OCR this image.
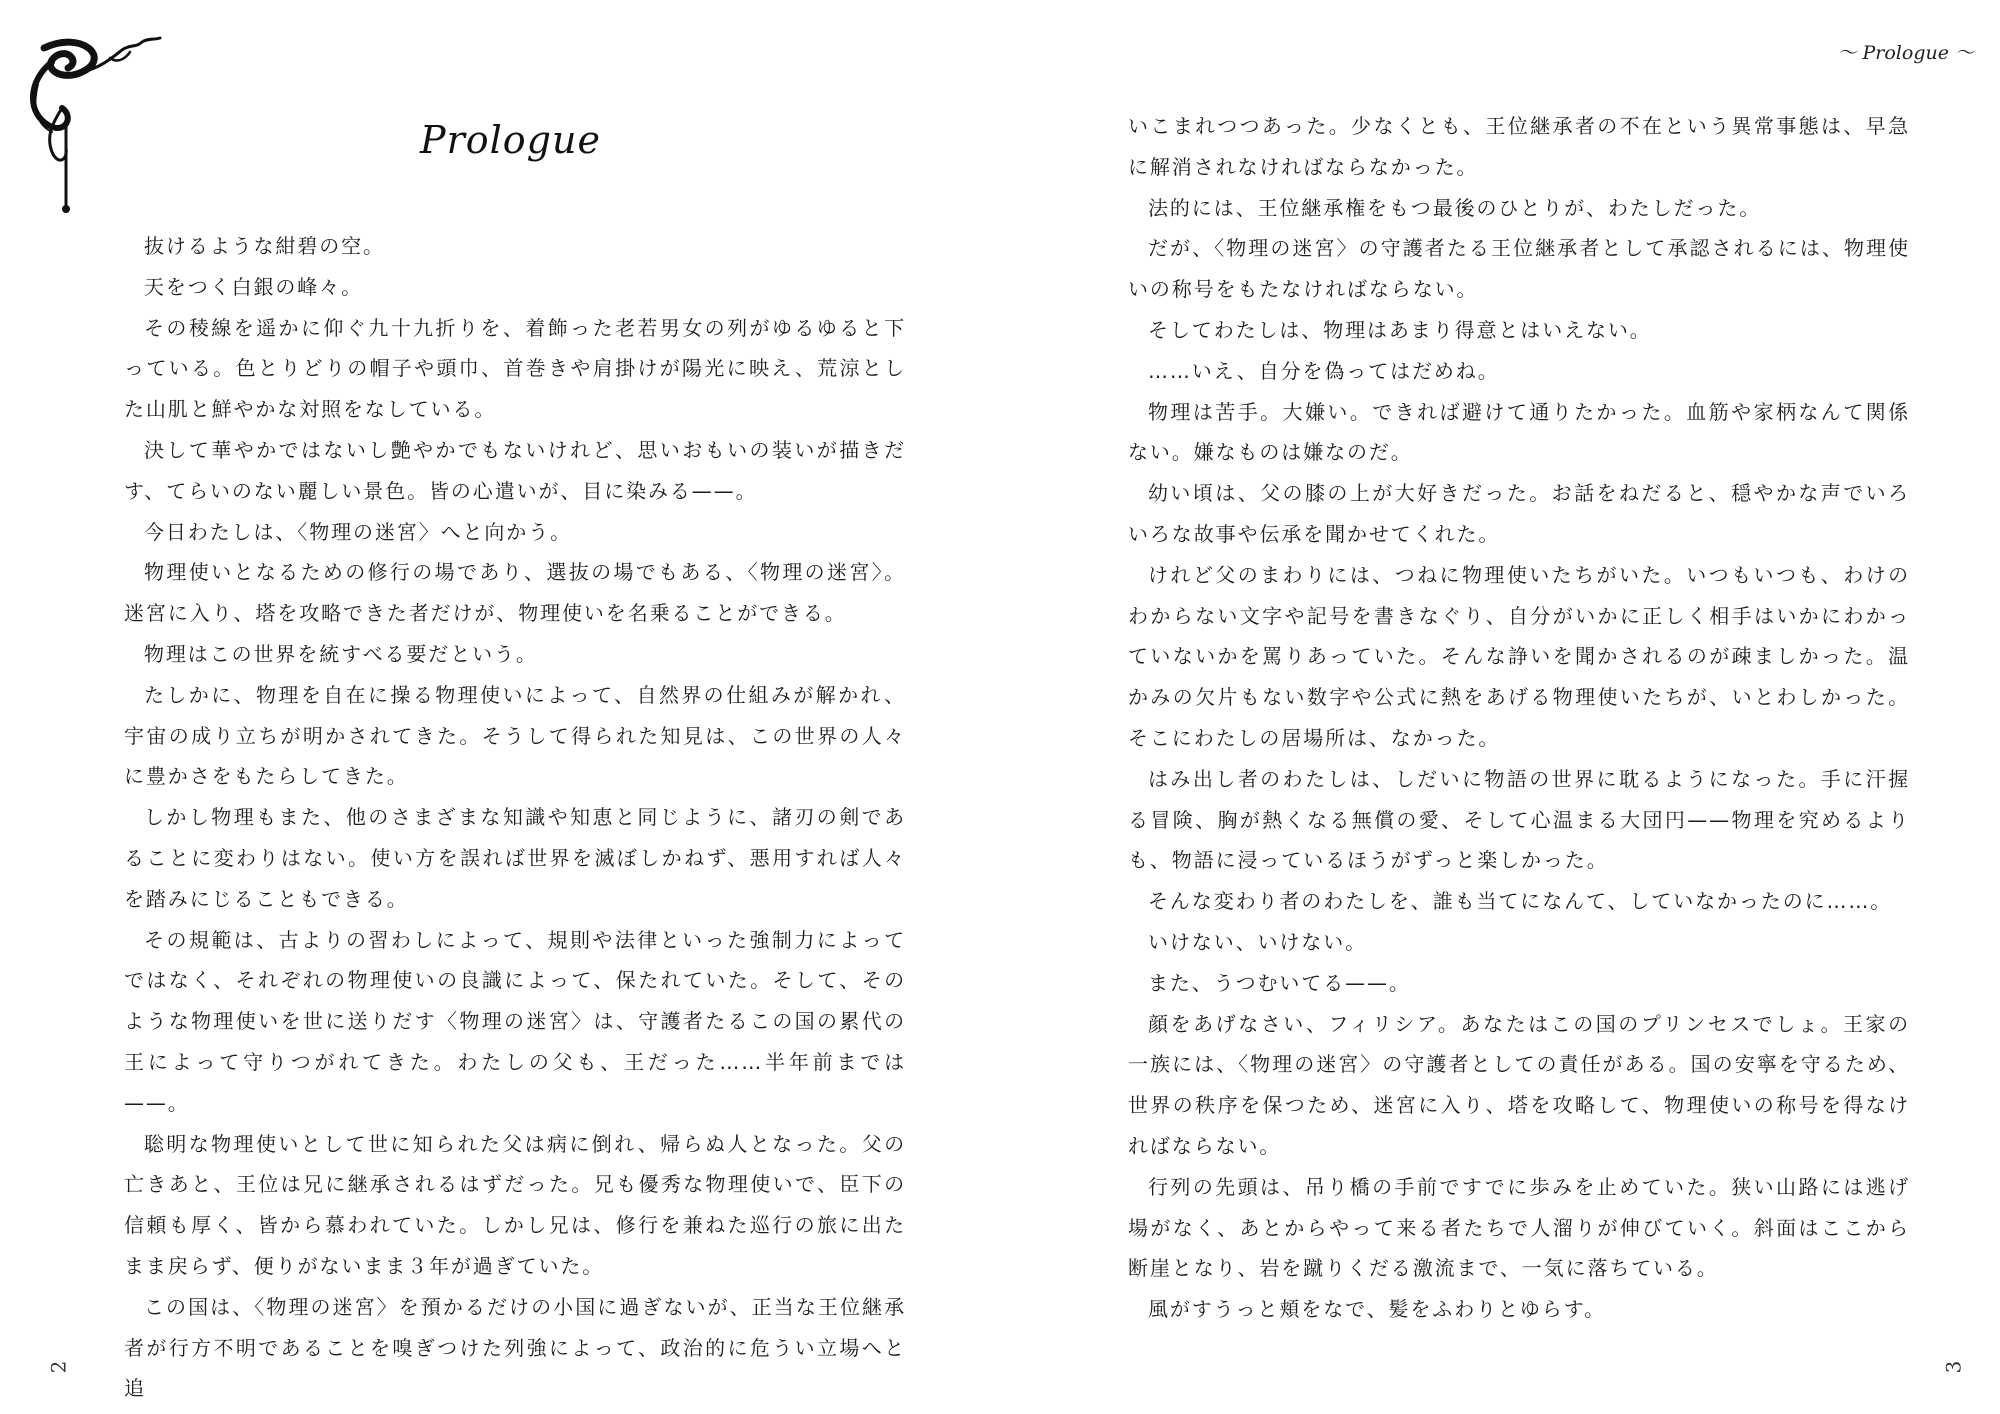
Prologue

抜けるような紺碧の空。

天をつく白銀の峰々。

その稜線を遥かに仰ぐ九十九折りを、着飾った老若男女の列がゆるゆると下っている。色とりどりの帽子や頭巾、首巻きや肩掛けが陽光に映え、荒涼とした山肌と鮮やかな対照をなしている。

決して華やかではないし艶やかでもないけれど、思いおもいの装いが描きだす、てらいのない麗しい景色。皆の心遣いが、目に染みる——。

今日わたしは、〈物理の迷宮〉へと向かう。

物理使いとなるための修行の場であり、選抜の場でもある、〈物理の迷宮〉。迷宮に入り、塔を攻略できた者だけが、物理使いを名乗ることができる。

物理はこの世界を統すべる要だという。

たしかに、物理を自在に操る物理使いによって、自然界の仕組みが解かれ、宇宙の成り立ちが明かされてきた。そうして得られた知見は、この世界の人々に豊かさをもたらしてきた。

しかし物理もまた、他のさまざまな知識や知恵と同じように、諸刃の剣であることに変わりはない。使い方を誤れば世界を滅ぼしかねず、悪用すれば人々を踏みにじることもできる。

その規範は、古よりの習わしによって、規則や法律といった強制力によってではなく、それぞれの物理使いの良識によって、保たれていた。そして、そのような物理使いを世に送りだす〈物理の迷宮〉は、守護者たるこの国の累代の王によって守りつがれてきた。わたしの父も、王だった……半年前までは——。

聡明な物理使いとして世に知られた父は病に倒れ、帰らぬ人となった。父の亡きあと、王位は兄に継承されるはずだった。兄も優秀な物理使いで、臣下の信頼も厚く、皆から慕われていた。しかし兄は、修行を兼ねた巡行の旅に出たまま戻らず、便りがないまま３年が過ぎていた。

この国は、〈物理の迷宮〉を預かるだけの小国に過ぎないが、正当な王位継承者が行方不明であることを嗅ぎつけた列強によって、政治的に危うい立場へと追

2
～ Prologue ～

いこまれつつあった。少なくとも、王位継承者の不在という異常事態は、早急に解消されなければならなかった。

法的には、王位継承権をもつ最後のひとりが、わたしだった。

だが、〈物理の迷宮〉の守護者たる王位継承者として承認されるには、物理使いの称号をもたなければならない。

そしてわたしは、物理はあまり得意とはいえない。

……いえ、自分を偽ってはだめね。

物理は苦手。大嫌い。できれば避けて通りたかった。血筋や家柄なんて関係ない。嫌なものは嫌なのだ。

幼い頃は、父の膝の上が大好きだった。お話をねだると、穏やかな声でいろいろな故事や伝承を聞かせてくれた。

けれど父のまわりには、つねに物理使いたちがいた。いつもいつも、わけのわからない文字や記号を書きなぐり、自分がいかに正しく相手はいかにわかっていないかを罵りあっていた。そんな諍いを聞かされるのが疎ましかった。温かみの欠片もない数字や公式に熱をあげる物理使いたちが、いとわしかった。そこにわたしの居場所は、なかった。

はみ出し者のわたしは、しだいに物語の世界に耽るようになった。手に汗握る冒険、胸が熱くなる無償の愛、そして心温まる大団円——物理を究めるよりも、物語に浸っているほうがずっと楽しかった。

そんな変わり者のわたしを、誰も当てになんて、していなかったのに……。

いけない、いけない。

また、うつむいてる——。

顔をあげなさい、フィリシア。あなたはこの国のプリンセスでしょ。王家の一族には、〈物理の迷宮〉の守護者としての責任がある。国の安寧を守るため、世界の秩序を保つため、迷宮に入り、塔を攻略して、物理使いの称号を得なければならない。

行列の先頭は、吊り橋の手前ですでに歩みを止めていた。狭い山路には逃げ場がなく、あとからやって来る者たちで人溜りが伸びていく。斜面はここから断崖となり、岩を蹴りくだる激流まで、一気に落ちている。

風がすうっと頬をなで、髪をふわりとゆらす。

3
